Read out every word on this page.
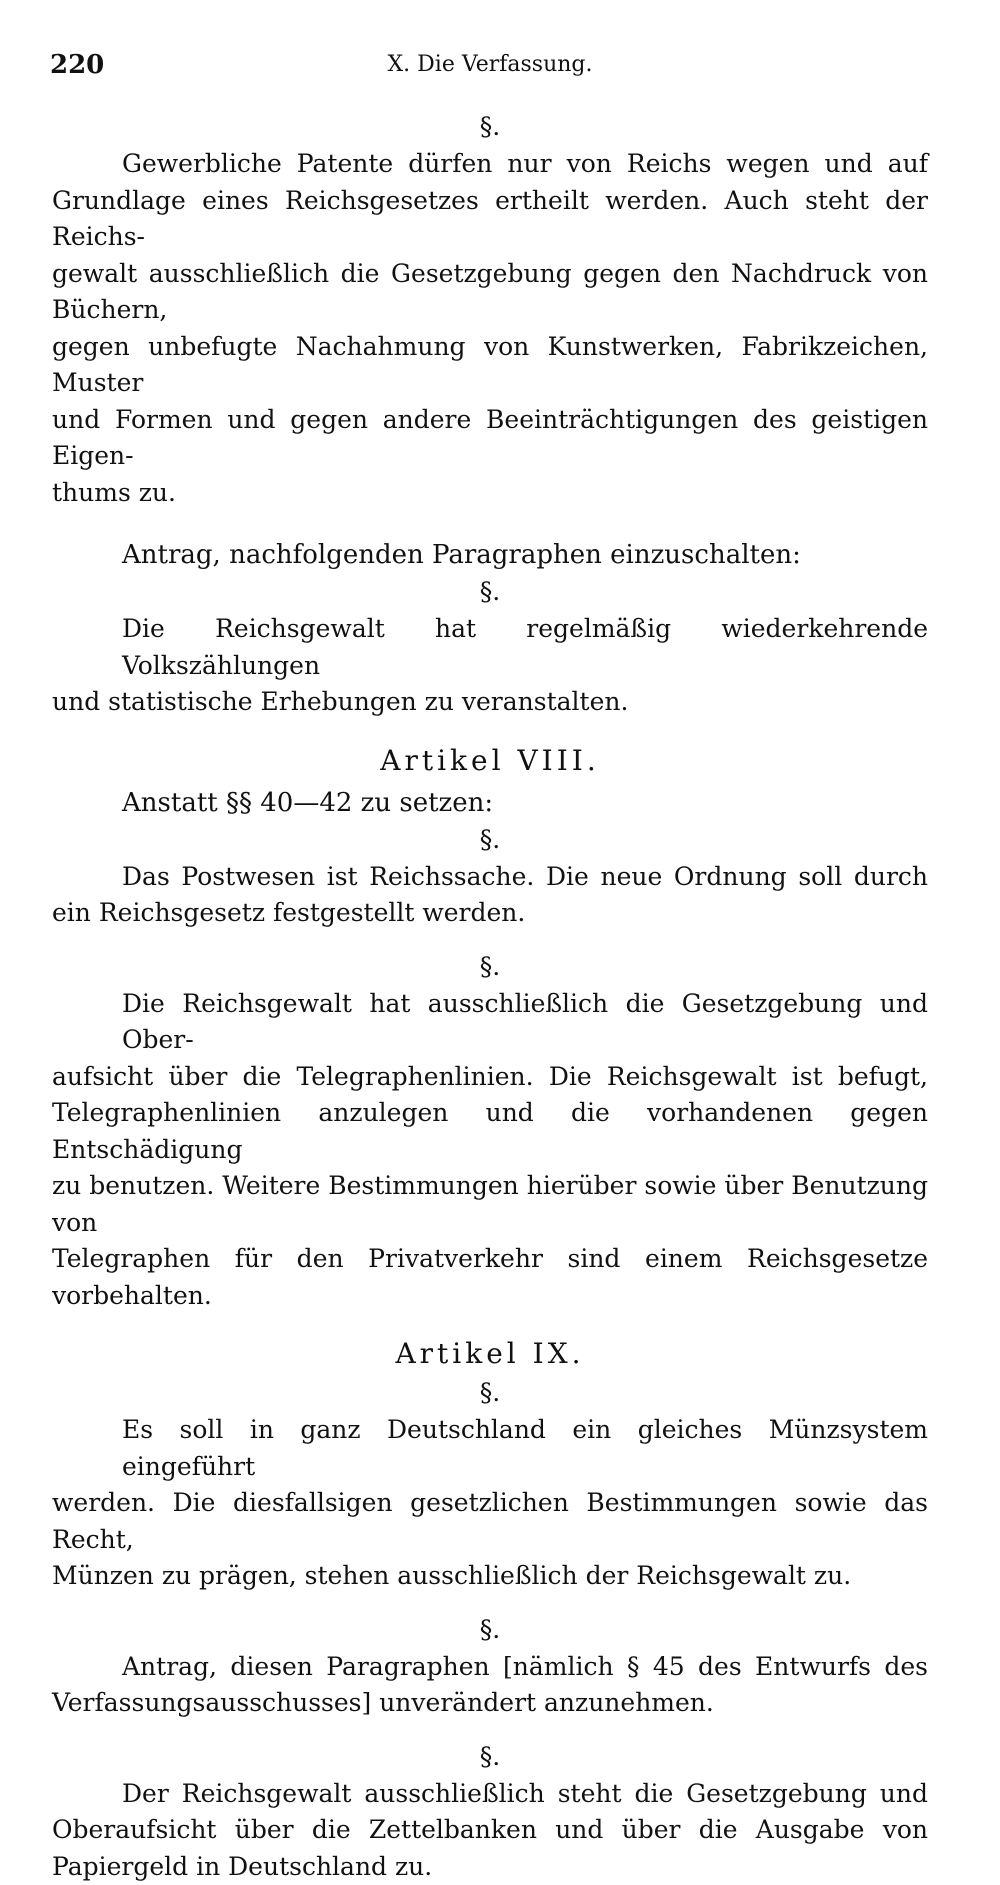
220	X. Die Verfassung.
§.
Gewerbliche Patente dürfen nur von Reichs wegen und auf
Grundlage eines Reichsgesetzes ertheilt werden. Auch steht der Reichs-
gewalt ausschließlich die Gesetzgebung gegen den Nachdruck von Büchern,
gegen unbefugte Nachahmung von Kunstwerken, Fabrikzeichen, Muster
und Formen und gegen andere Beeinträchtigungen des geistigen Eigen-
thums zu.
Antrag, nachfolgenden Paragraphen einzuschalten:
§.
Die Reichsgewalt hat regelmäßig wiederkehrende Volkszählungen
und statistische Erhebungen zu veranstalten.
Artikel VIII.
Anstatt §§ 40—42 zu setzen:
§.
Das Postwesen ist Reichssache. Die neue Ordnung soll durch
ein Reichsgesetz festgestellt werden.
§.
Die Reichsgewalt hat ausschließlich die Gesetzgebung und Ober-
aufsicht über die Telegraphenlinien. Die Reichsgewalt ist befugt,
Telegraphenlinien anzulegen und die vorhandenen gegen Entschädigung
zu benutzen. Weitere Bestimmungen hierüber sowie über Benutzung von
Telegraphen für den Privatverkehr sind einem Reichsgesetze vorbehalten.
Artikel IX.
§.
Es soll in ganz Deutschland ein gleiches Münzsystem eingeführt
werden. Die diesfallsigen gesetzlichen Bestimmungen sowie das Recht,
Münzen zu prägen, stehen ausschließlich der Reichsgewalt zu.
§.
Antrag, diesen Paragraphen [nämlich § 45 des Entwurfs des
Verfassungsausschusses] unverändert anzunehmen.
§.
Der Reichsgewalt ausschließlich steht die Gesetzgebung und
Oberaufsicht über die Zettelbanken und über die Ausgabe von
Papiergeld in Deutschland zu.
